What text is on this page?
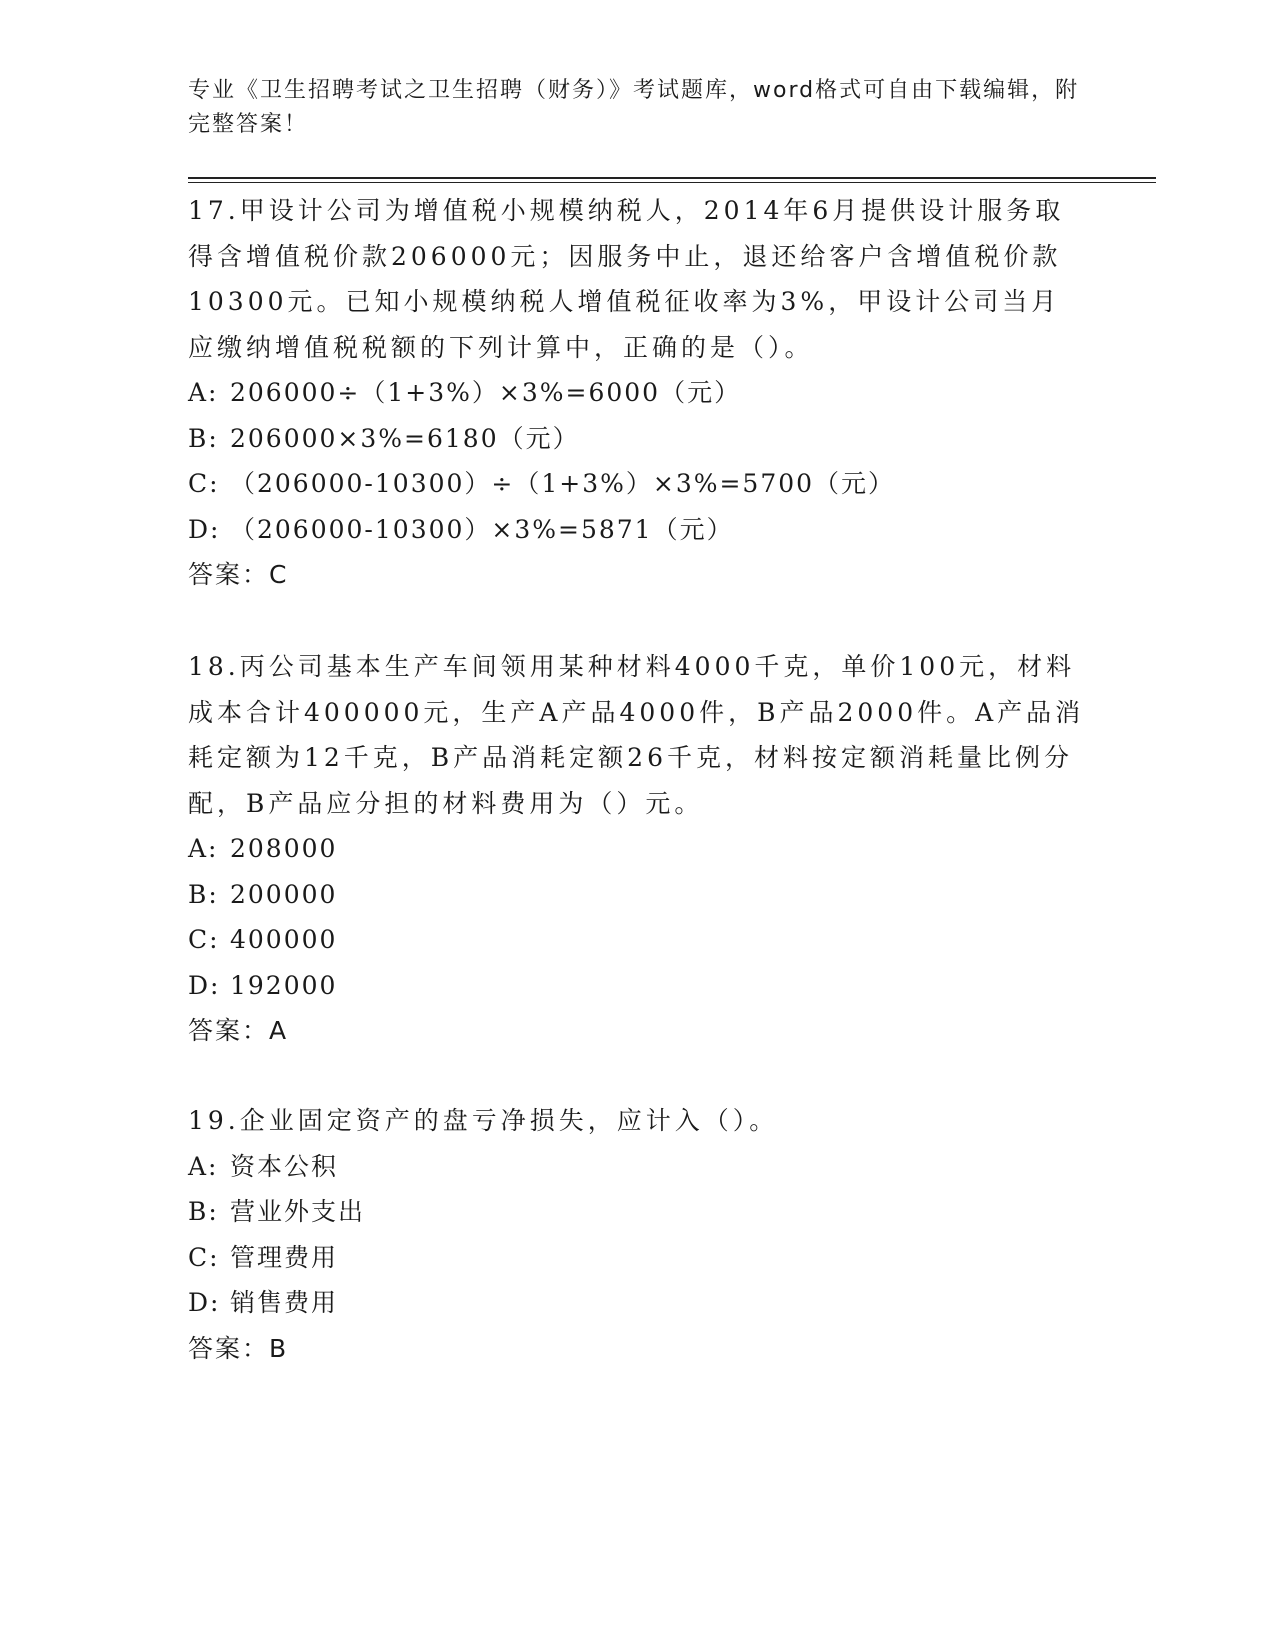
专业《卫生招聘考试之卫生招聘（财务）》考试题库，word格式可自由下载编辑，附完整答案！

17.甲设计公司为增值税小规模纳税人，2014年6月提供设计服务取得含增值税价款206000元；因服务中止，退还给客户含增值税价款10300元。已知小规模纳税人增值税征收率为3%，甲设计公司当月应缴纳增值税税额的下列计算中，正确的是（）。

A: 206000÷（1+3%）×3%=6000（元）

B: 206000×3%=6180（元）

C: （206000-10300）÷（1+3%）×3%=5700（元）

D: （206000-10300）×3%=5871（元）

答案：C

18.丙公司基本生产车间领用某种材料4000千克，单价100元，材料成本合计400000元，生产A产品4000件，B产品2000件。A产品消耗定额为12千克，B产品消耗定额26千克，材料按定额消耗量比例分配，B产品应分担的材料费用为（）元。

A: 208000

B: 200000

C: 400000

D: 192000

答案：A

19.企业固定资产的盘亏净损失，应计入（）。

A: 资本公积

B: 营业外支出

C: 管理费用

D: 销售费用

答案：B
